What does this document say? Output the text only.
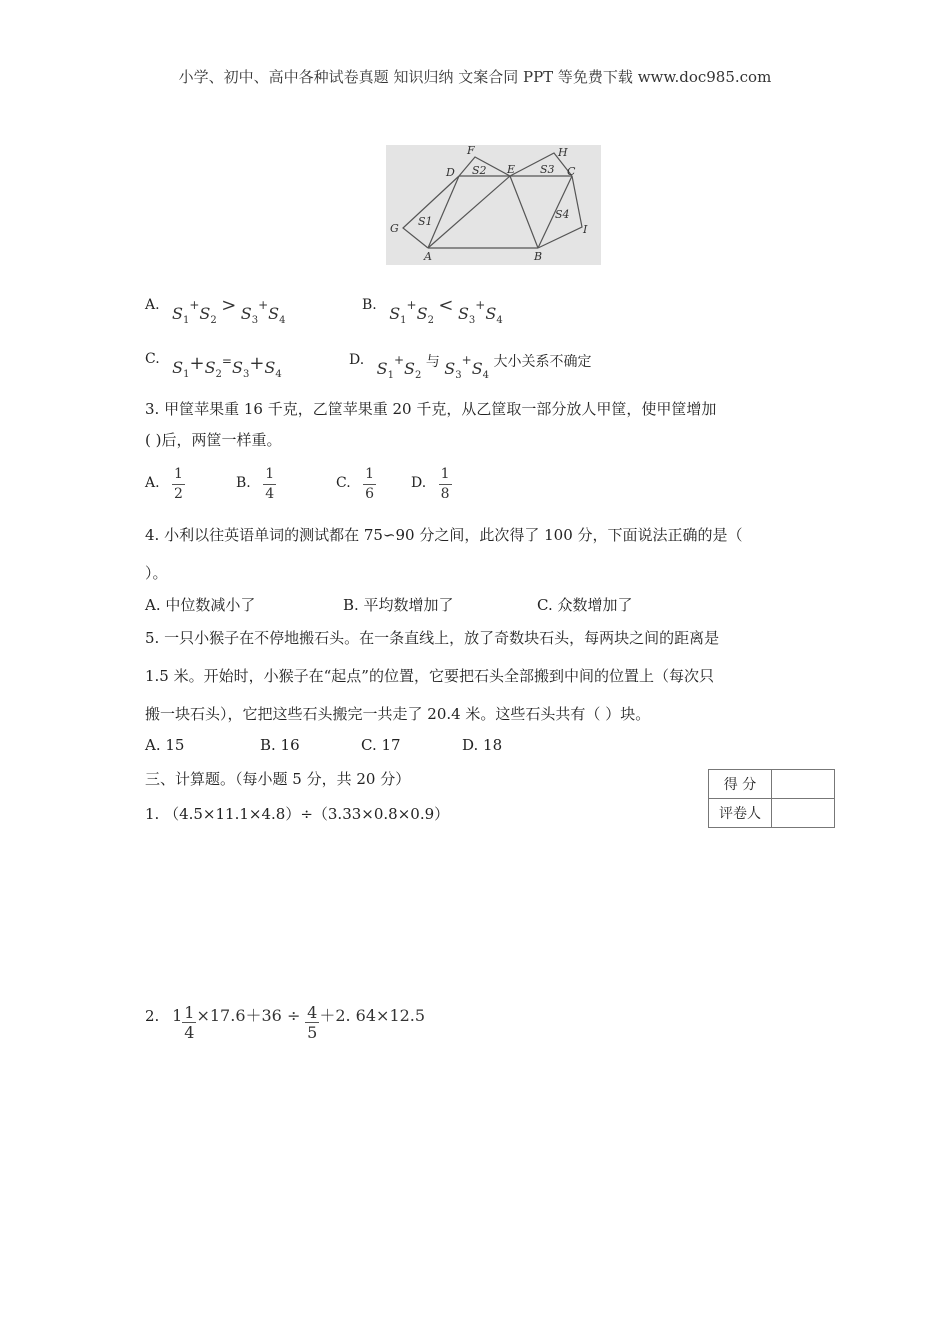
小学、初中、高中各种试卷真题 知识归纳 文案合同 PPT 等免费下载 www.doc985.com
F
D S2 E S3
H
C
S1
G
S4
I
A	B
A. $S_1+S_2 > S_3+S_4$
B. $S_1+S_2 < S_3+S_4$
C. $S_1+S_2=S_3+S_4$
D. $S_1+S_2$ 与 $S_3+S_4$ 大小关系不确定
3. 甲筐苹果重 16 千克，乙筐苹果重 20 千克，从乙筐取一部分放人甲筐，使甲筐增加
( )后，两筐一样重。
A. $\frac{1}{2}$	B. $\frac{1}{4}$	C. $\frac{1}{6} D$. $\frac{1}{8}$
4. 小利以往英语单词的测试都在 75∽90 分之间，此次得了 100 分，下面说法正确的是（
）。
A. 中位数减小了	B. 平均数增加了	C. 众数增加了
5. 一只小猴子在不停地搬石头。在一条直线上，放了奇数块石头，每两块之间的距离是
1.5 米。开始时，小猴子在“起点”的位置，它要把石头全部搬到中间的位置上（每次只
搬一块石头），它把这些石头搬完一共走了 20.4 米。这些石头共有（ ）块。
A. 15	B. 16	C. 17	D. 18
三、计算题。（每小题 5 分，共 20 分）	得 分	
评卷人	
1. （4.5×11.1×4.8）÷（3.33×0.8×0.9）
2. $1 \frac{1}{4} \times 17.6+36 \div \frac{4}{5} +2$. 64×12.5
